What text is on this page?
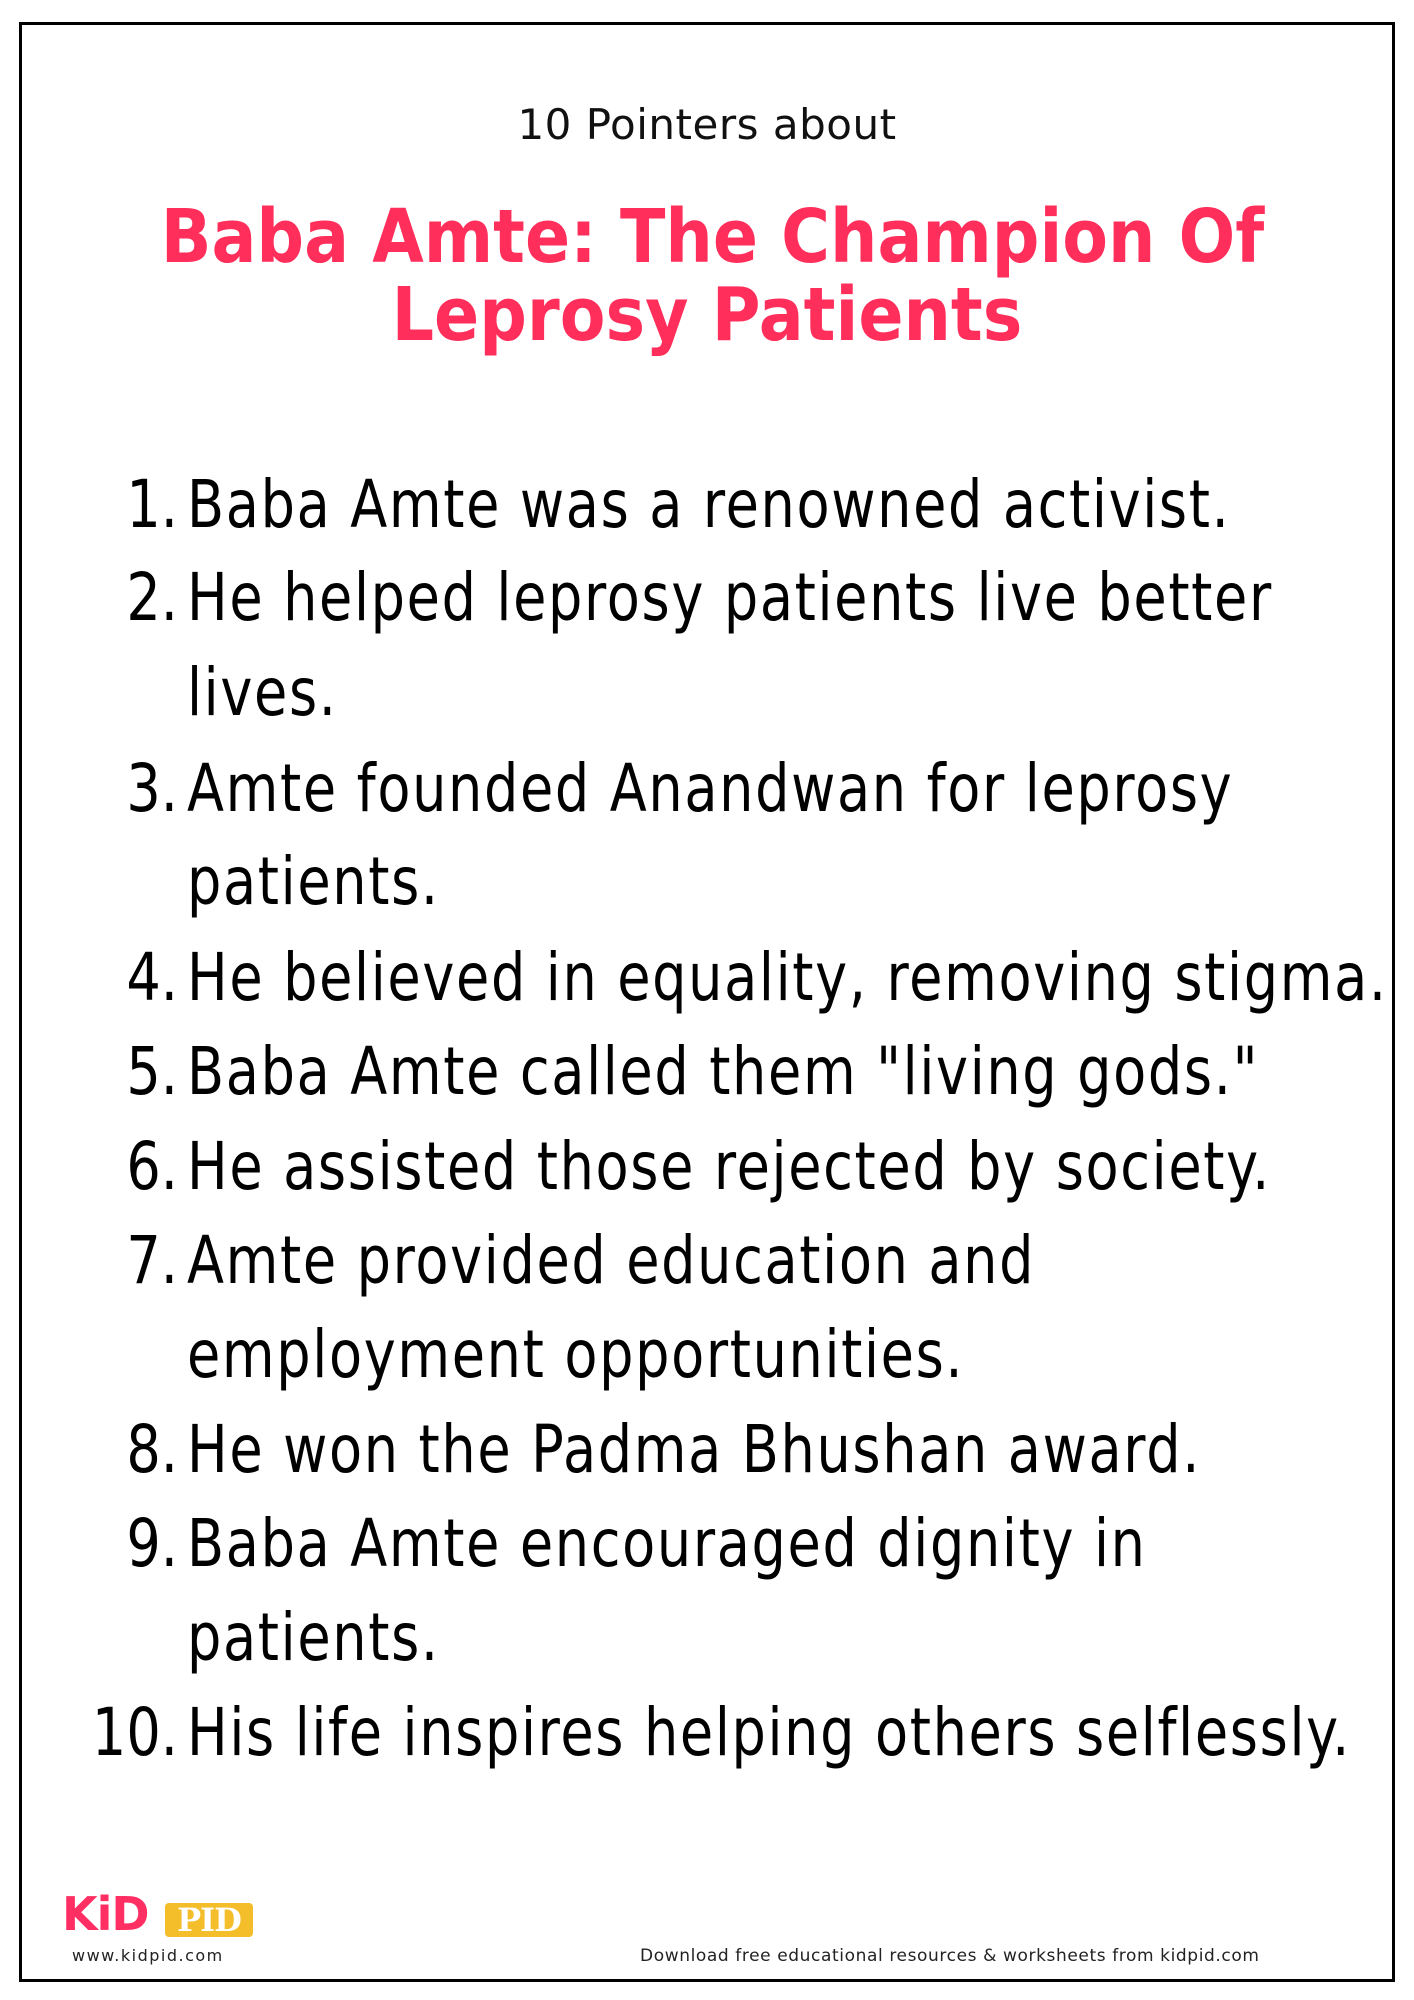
10 Pointers about
Baba Amte: The Champion Of
Leprosy Patients
1. Baba Amte was a renowned activist.
2. He helped leprosy patients live better
lives.
3. Amte founded Anandwan for leprosy
patients.
4. He believed in equality, removing stigma.
5. Baba Amte called them "living gods."
6. He assisted those rejected by society.
7. Amte provided education and
employment opportunities.
8. He won the Padma Bhushan award.
9. Baba Amte encouraged dignity in
patients.
10. His life inspires helping others selflessly.
KiD PID
www.kidpid.com	Download free educational resources & worksheets from kidpid.com
